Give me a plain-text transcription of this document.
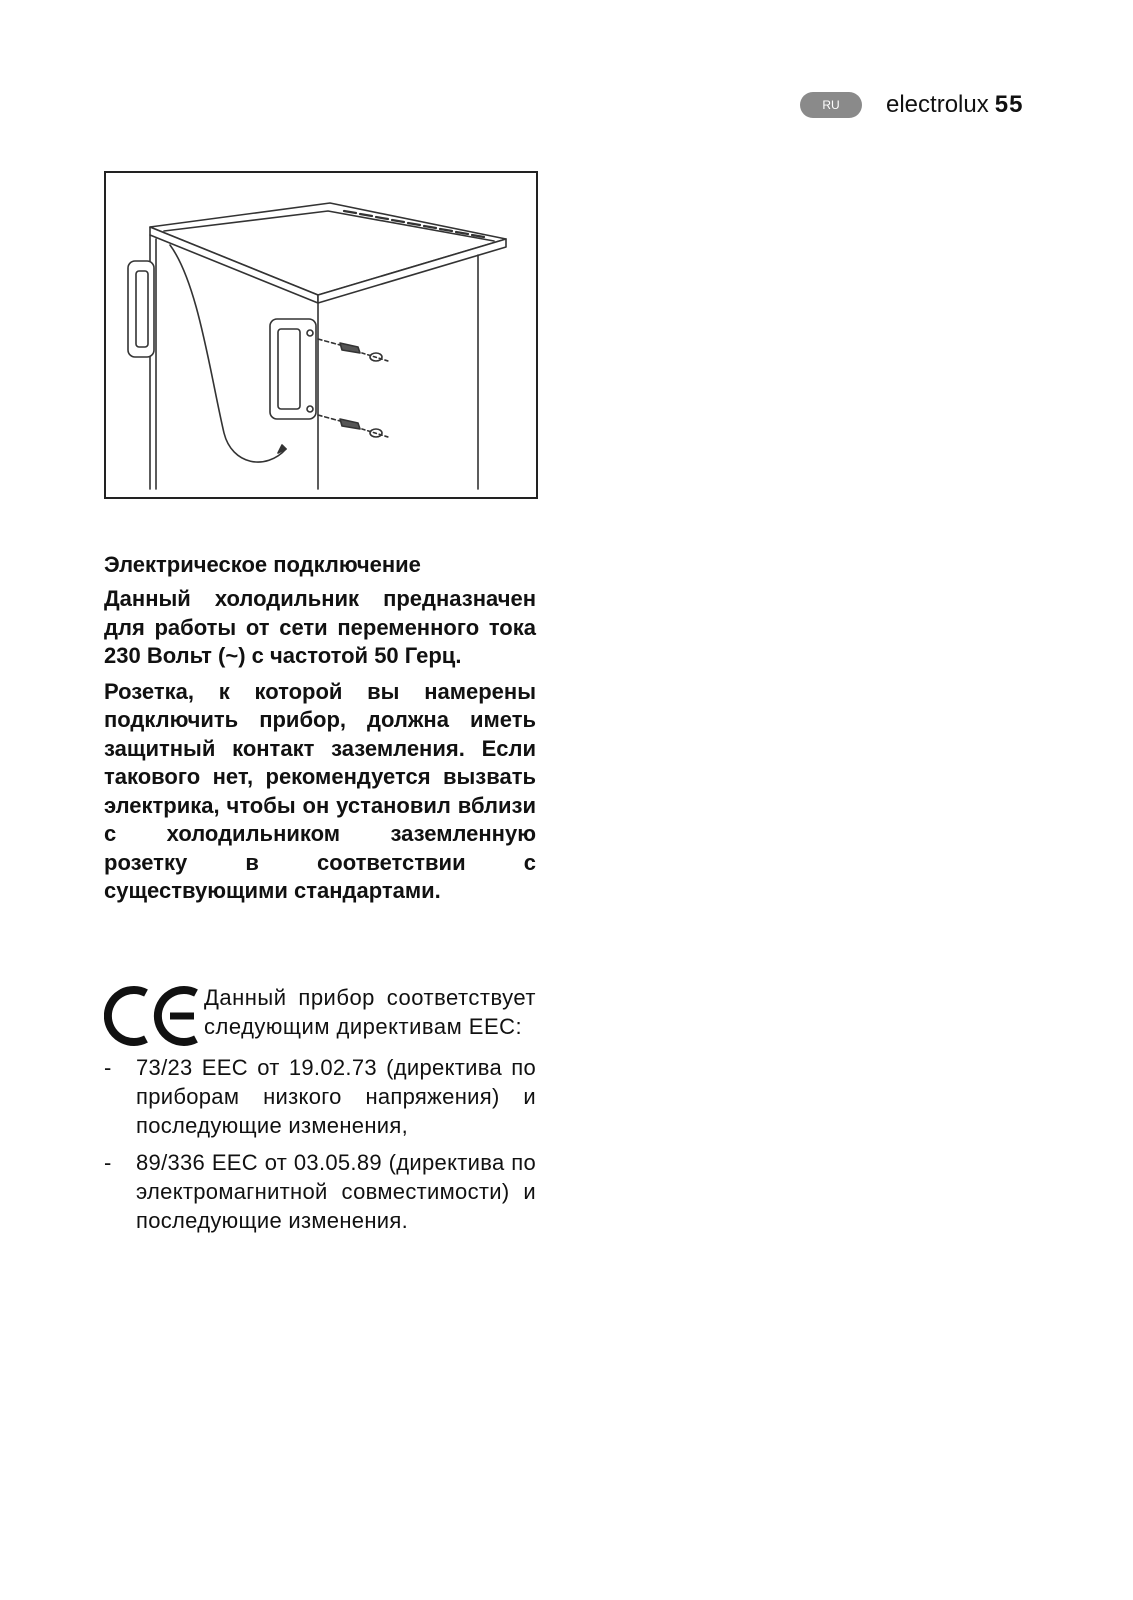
RU	electrolux 55
Электрическое подключение

Данный холодильник предназначен для работы от сети переменного тока 230 Вольт (~) с частотой 50 Герц.

Розетка, к которой вы намерены подключить прибор, должна иметь защитный контакт заземления. Если такового нет, рекомендуется вызвать электрика, чтобы он установил вблизи с холодильником заземленную розетку в соответствии с существующими стандартами.

Данный прибор соответствует следующим директивам EEC:

- 73/23 EEC от 19.02.73 (директива по приборам низкого напряжения) и последующие изменения,
- 89/336 EEC от 03.05.89 (директива по электромагнитной совместимости) и последующие изменения.
